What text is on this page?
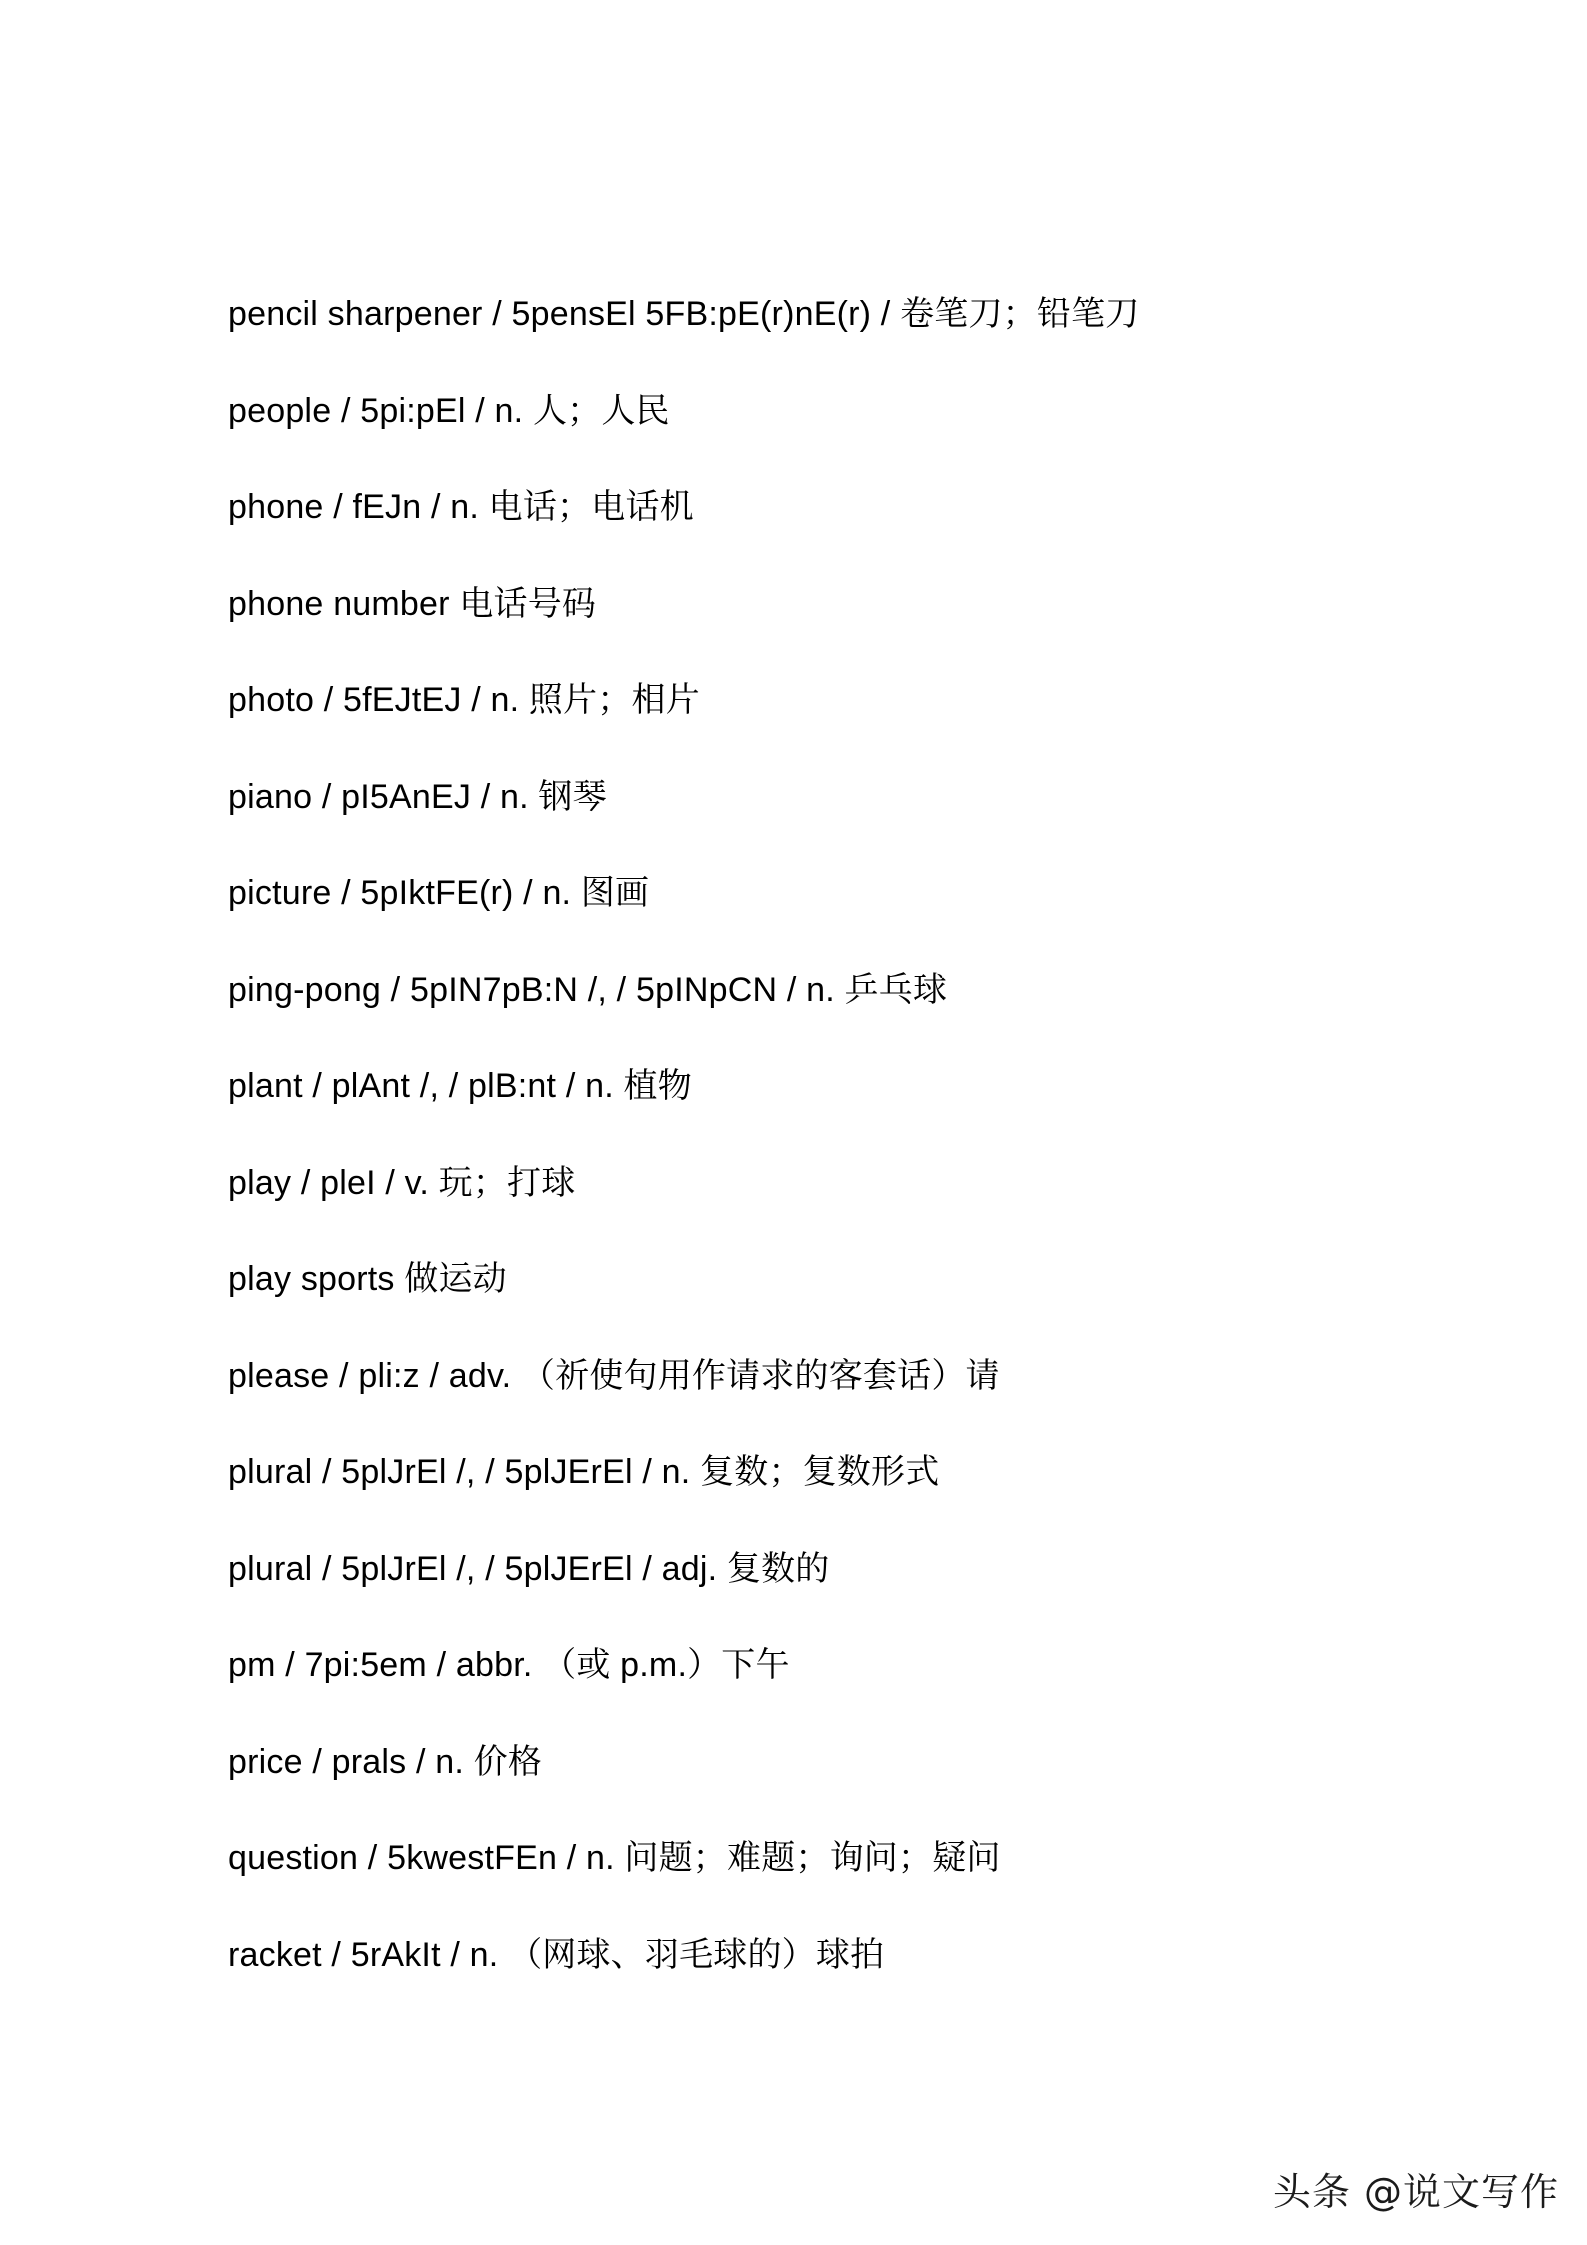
pencil sharpener / 5pensEl 5FB:pE(r)nE(r) / 卷笔刀；铅笔刀
people / 5pi:pEl / n. 人；人民
phone / fEJn / n. 电话；电话机
phone number 电话号码
photo / 5fEJtEJ / n. 照片；相片
piano / pI5AnEJ / n. 钢琴
picture / 5pIktFE(r) / n. 图画
ping-pong / 5pIN7pB:N /, / 5pINpCN / n. 乒乓球
plant / plAnt /, / plB:nt / n. 植物
play / pleI / v. 玩；打球
play sports 做运动
please / pli:z / adv. （祈使句用作请求的客套话）请
plural / 5plJrEl /, / 5plJErEl / n. 复数；复数形式
plural / 5plJrEl /, / 5plJErEl / adj. 复数的
pm / 7pi:5em / abbr. （或 p.m.）下午
price / prals / n. 价格
question / 5kwestFEn / n. 问题；难题；询问；疑问
racket / 5rAkIt / n. （网球、羽毛球的）球拍
头条 @说文写作
